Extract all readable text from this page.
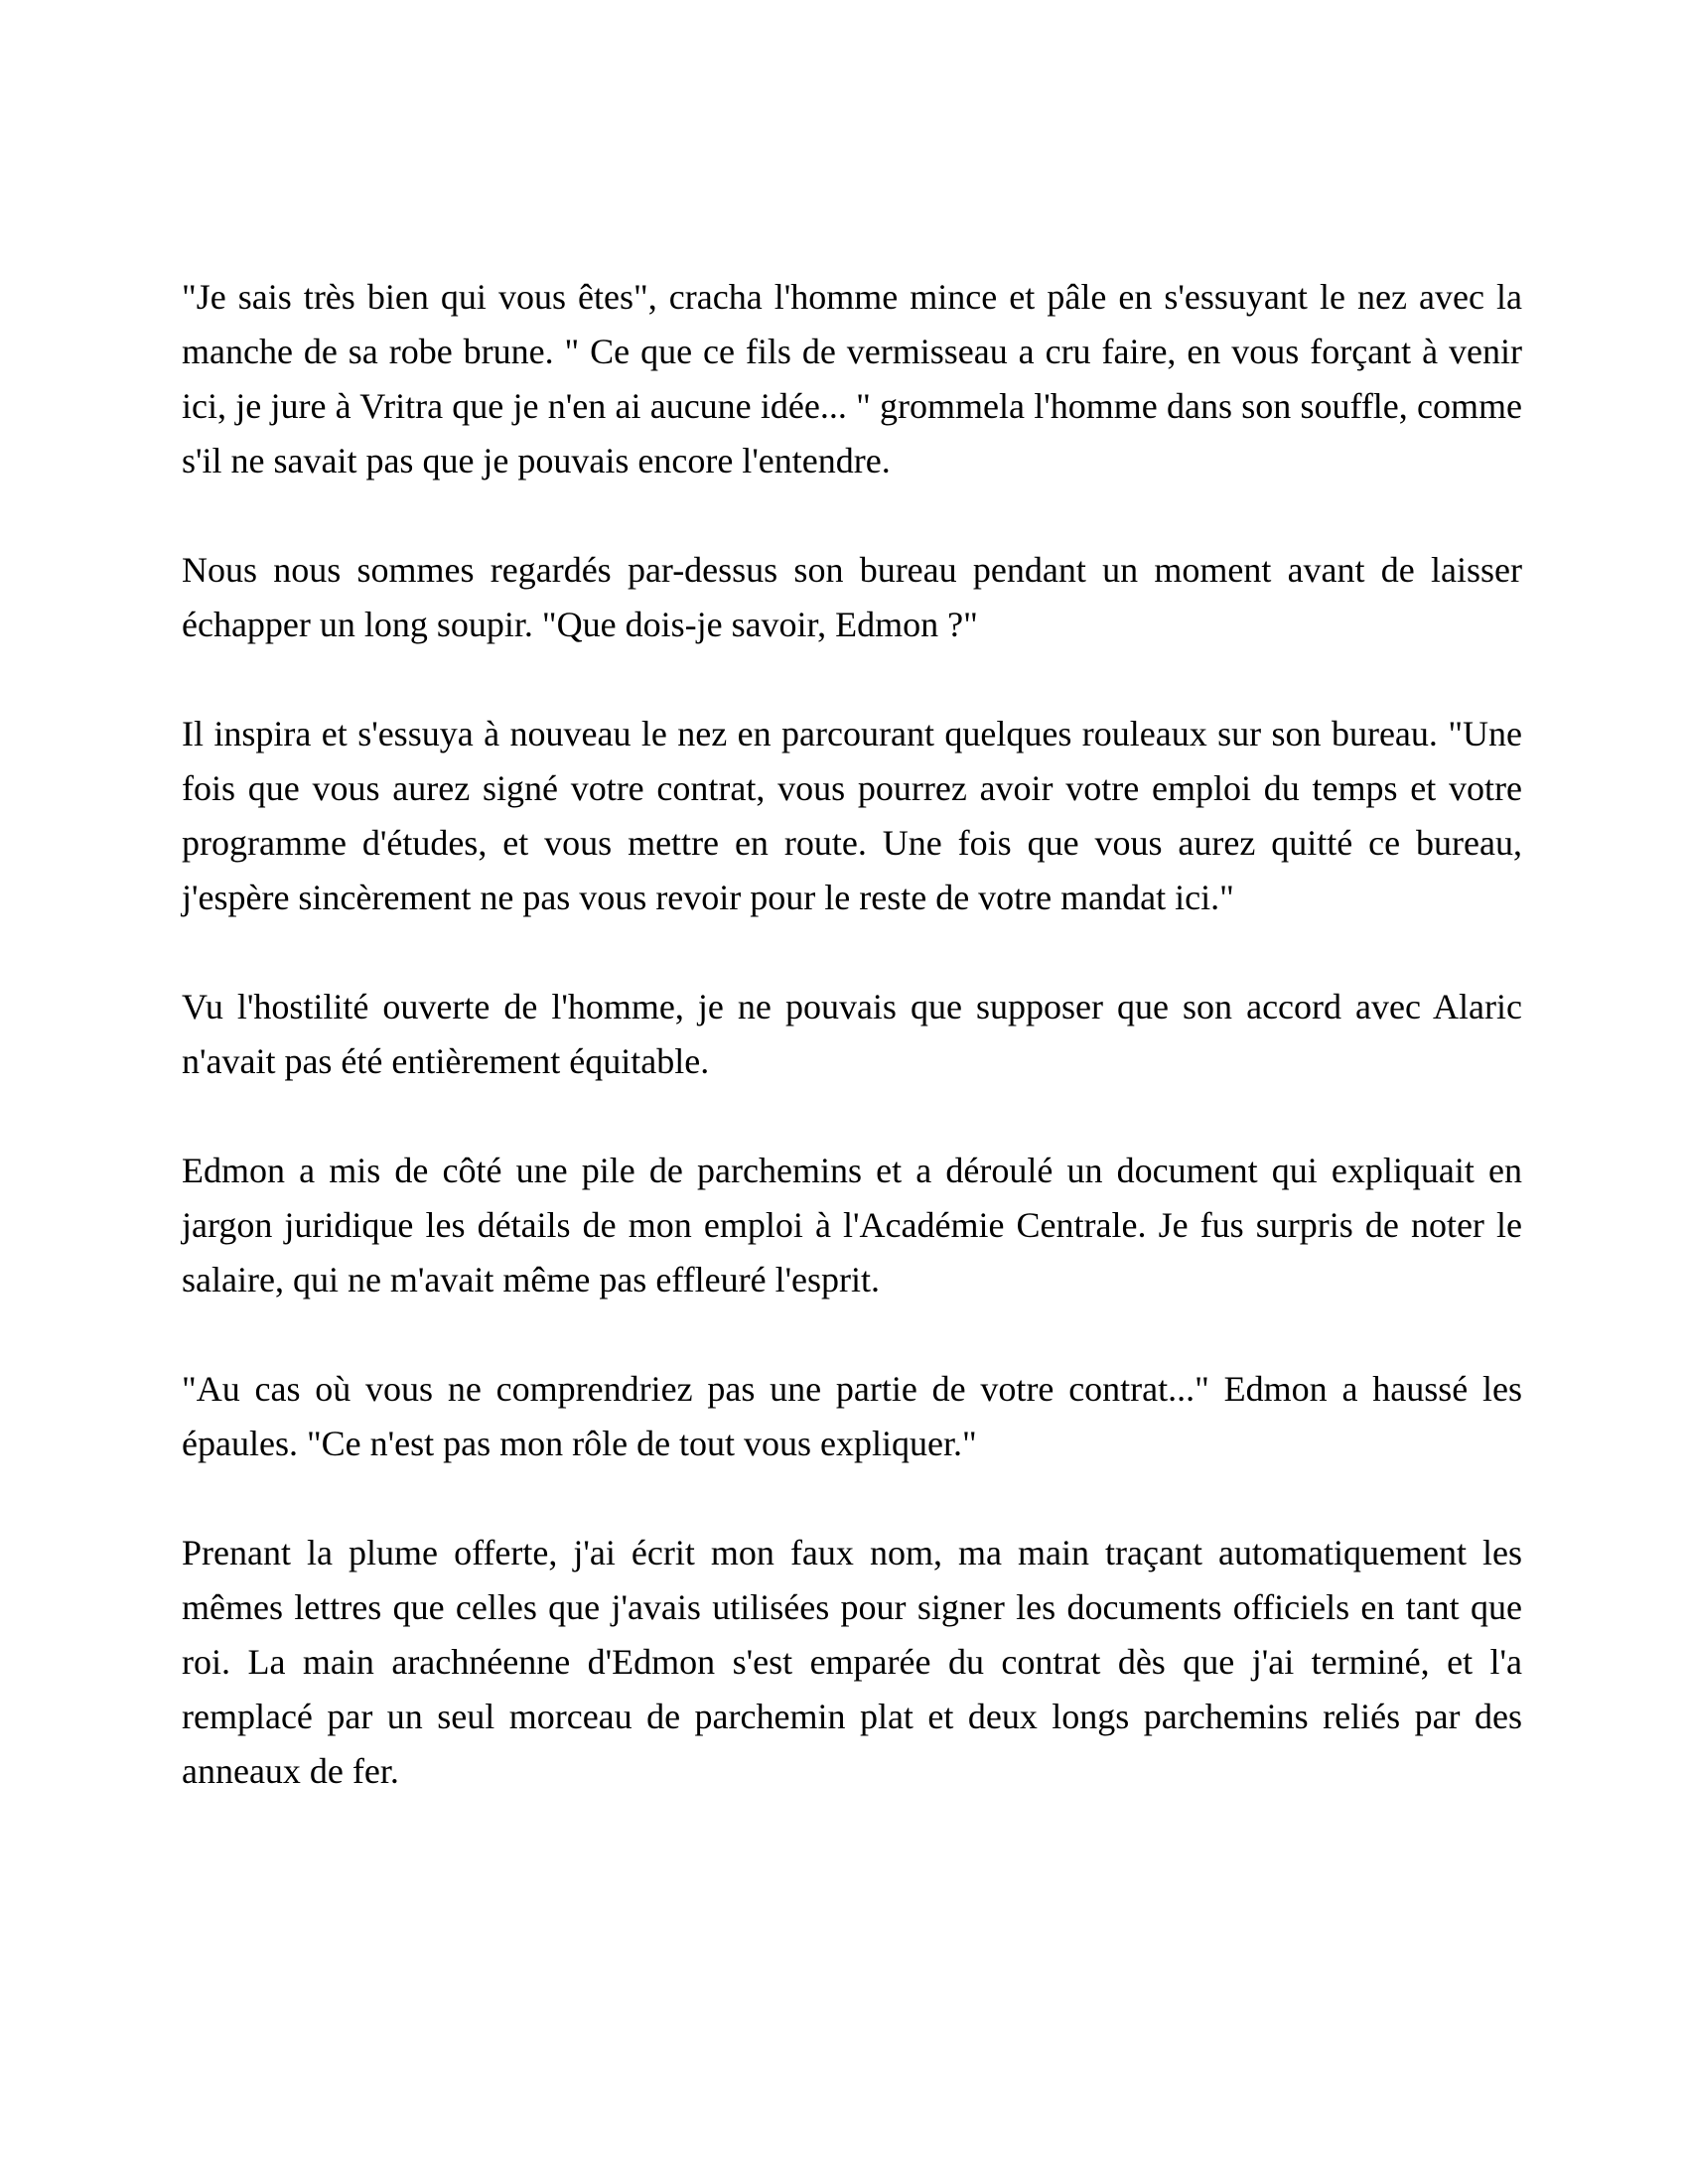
"Je sais très bien qui vous êtes", cracha l'homme mince et pâle en s'essuyant le nez avec la manche de sa robe brune. " Ce que ce fils de vermisseau a cru faire, en vous forçant à venir ici, je jure à Vritra que je n'en ai aucune idée... " grommela l'homme dans son souffle, comme s'il ne savait pas que je pouvais encore l'entendre.

Nous nous sommes regardés par-dessus son bureau pendant un moment avant de laisser échapper un long soupir. "Que dois-je savoir, Edmon ?"

Il inspira et s'essuya à nouveau le nez en parcourant quelques rouleaux sur son bureau. "Une fois que vous aurez signé votre contrat, vous pourrez avoir votre emploi du temps et votre programme d'études, et vous mettre en route. Une fois que vous aurez quitté ce bureau, j'espère sincèrement ne pas vous revoir pour le reste de votre mandat ici."

Vu l'hostilité ouverte de l'homme, je ne pouvais que supposer que son accord avec Alaric n'avait pas été entièrement équitable.

Edmon a mis de côté une pile de parchemins et a déroulé un document qui expliquait en jargon juridique les détails de mon emploi à l'Académie Centrale. Je fus surpris de noter le salaire, qui ne m'avait même pas effleuré l'esprit.

"Au cas où vous ne comprendriez pas une partie de votre contrat..." Edmon a haussé les épaules. "Ce n'est pas mon rôle de tout vous expliquer."

Prenant la plume offerte, j'ai écrit mon faux nom, ma main traçant automatiquement les mêmes lettres que celles que j'avais utilisées pour signer les documents officiels en tant que roi. La main arachnéenne d'Edmon s'est emparée du contrat dès que j'ai terminé, et l'a remplacé par un seul morceau de parchemin plat et deux longs parchemins reliés par des anneaux de fer.
